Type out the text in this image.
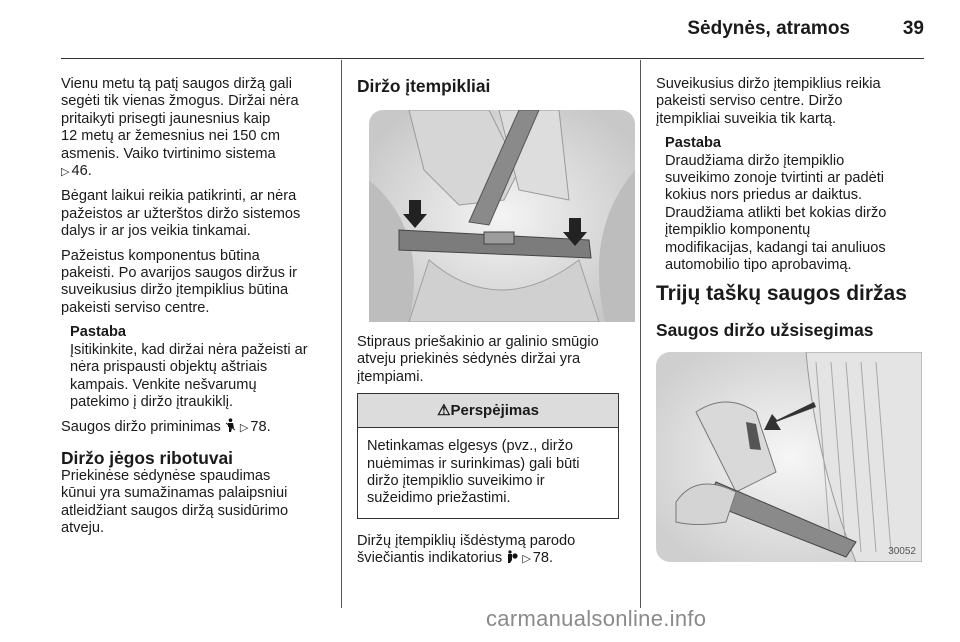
Sėdynės, atramos	39

Vienu metu tą patį saugos diržą gali
segėti tik vienas žmogus. Diržai nėra
pritaikyti prisegti jaunesnius kaip
12 metų ar žemesnius nei 150 cm
asmenis. Vaiko tvirtinimo sistema
▷ 46.

Bėgant laikui reikia patikrinti, ar nėra
pažeistos ar užterštos diržo sistemos
dalys ir ar jos veikia tinkamai.

Pažeistus komponentus būtina
pakeisti. Po avarijos saugos diržus ir
suveikusius diržo įtempiklius būtina
pakeisti serviso centre.

Pastaba
Įsitikinkite, kad diržai nėra pažeisti ar
nėra prispausti objektų aštriais
kampais. Venkite nešvarumų
patekimo į diržo įtraukiklį.

Saugos diržo priminimas ▷ 78.

Diržo jėgos ribotuvai

Priekinėse sėdynėse spaudimas
kūnui yra sumažinamas palaipsniui
atleidžiant saugos diržą susidūrimo
atveju.

Diržo įtempikliai

Stipraus priešakinio ar galinio smūgio
atveju priekinės sėdynės diržai yra
įtempiami.

⚠Perspėjimas
Netinkamas elgesys (pvz., diržo
nuėmimas ir surinkimas) gali būti
diržo įtempiklio suveikimo ir
sužeidimo priežastimi.

Diržų įtempiklių išdėstymą parodo
šviečiantis indikatorius ▷ 78.

Suveikusius diržo įtempiklius reikia
pakeisti serviso centre. Diržo
įtempikliai suveikia tik kartą.

Pastaba
Draudžiama diržo įtempiklio
suveikimo zonoje tvirtinti ar padėti
kokius nors priedus ar daiktus.
Draudžiama atlikti bet kokias diržo
įtempiklio komponentų
modifikacijas, kadangi tai anuliuos
automobilio tipo aprobavimą.
Trijų taškų saugos diržas
Saugos diržo užsisegimas
30052
carmanualsonline.info
